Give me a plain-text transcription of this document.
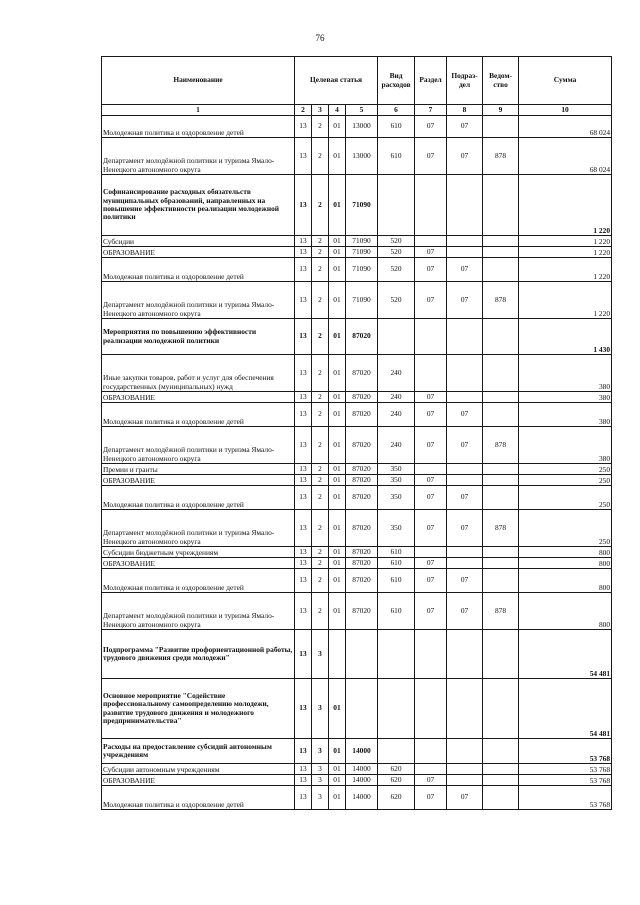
76
Наименование	Целевая статья				Вид расходов	Раздел	Подраз-дел	Ведом-ство	Сумма
1	2	3	4	5	6	7	8	9	10
Молодежная политика и оздоровление детей	13	2	01	13000	610	07	07		68 024
Департамент молодёжной политики и туризма Ямало-Ненецкого автономного округа	13	2	01	13000	610	07	07	878	68 024
Софинансирование расходных обязательств муниципальных образований, направленных на повышение эффективности реализации молодежной политики	13	2	01	71090					1 220
Субсидии	13	2	01	71090	520				1 220
ОБРАЗОВАНИЕ	13	2	01	71090	520	07			1 220
Молодежная политика и оздоровление детей	13	2	01	71090	520	07	07		1 220
Департамент молодёжной политики и туризма Ямало-Ненецкого автономного округа	13	2	01	71090	520	07	07	878	1 220
Мероприятия по повышению эффективности реализации молодежной политики	13	2	01	87020					1 430
Иные закупки товаров, работ и услуг для обеспечения государственных (муниципальных) нужд	13	2	01	87020	240				380
ОБРАЗОВАНИЕ	13	2	01	87020	240	07			380
Молодежная политика и оздоровление детей	13	2	01	87020	240	07	07		380
Департамент молодёжной политики и туризма Ямало-Ненецкого автономного округа	13	2	01	87020	240	07	07	878	380
Премии и гранты	13	2	01	87020	350				250
ОБРАЗОВАНИЕ	13	2	01	87020	350	07			250
Молодежная политика и оздоровление детей	13	2	01	87020	350	07	07		250
Департамент молодёжной политики и туризма Ямало-Ненецкого автономного округа	13	2	01	87020	350	07	07	878	250
Субсидии бюджетным учреждениям	13	2	01	87020	610				800
ОБРАЗОВАНИЕ	13	2	01	87020	610	07			800
Молодежная политика и оздоровление детей	13	2	01	87020	610	07	07		800
Департамент молодёжной политики и туризма Ямало-Ненецкого автономного округа	13	2	01	87020	610	07	07	878	800
Подпрограмма "Развитие профориентационной работы, трудового движения среди молодежи"	13	3							54 481
Основное мероприятие "Содействие профессиональному самоопределению молодежи, развитие трудового движения и молодежного предпринимательства"	13	3	01						54 481
Расходы на предоставление субсидий автономным учреждениям	13	3	01	14000					53 768
Субсидии автономным учреждениям	13	3	01	14000	620				53 768
ОБРАЗОВАНИЕ	13	3	01	14000	620	07			53 768
Молодежная политика и оздоровление детей	13	3	01	14000	620	07	07		53 768
